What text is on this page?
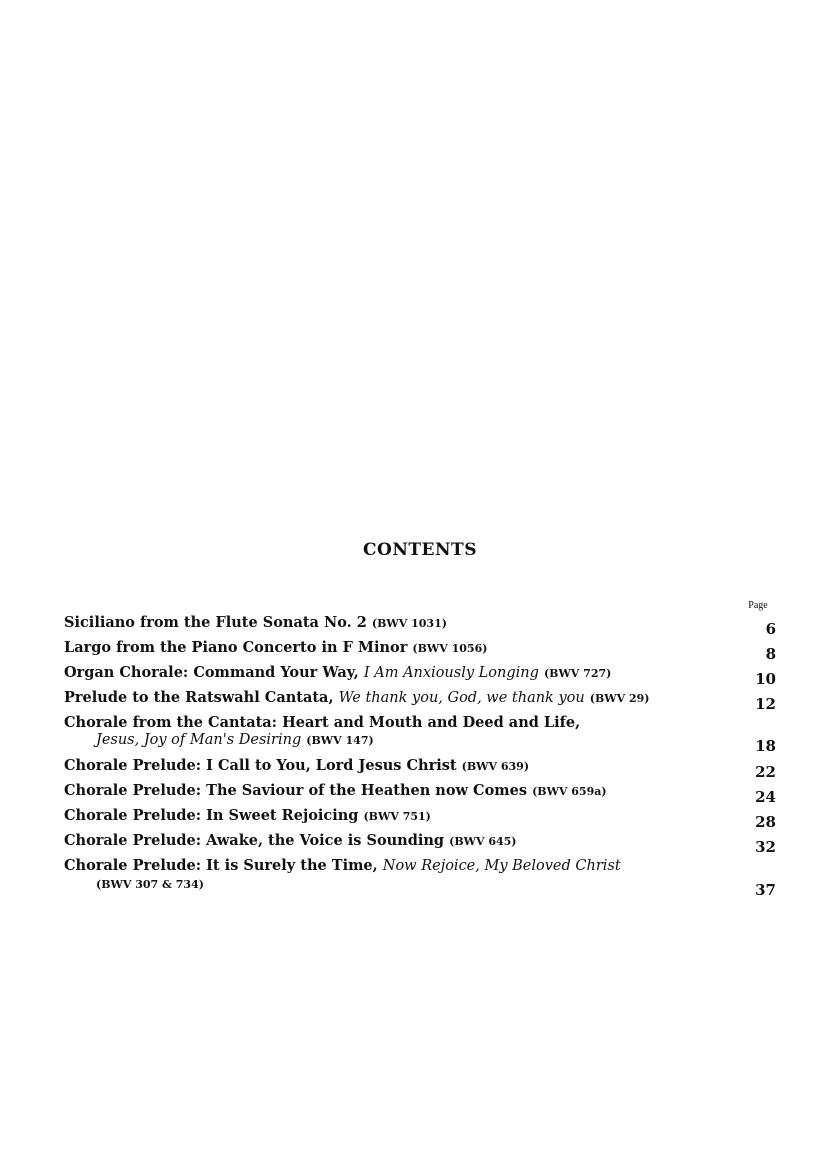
CONTENTS
Page
Siciliano from the Flute Sonata No. 2 (BWV 1031)	6
Largo from the Piano Concerto in F Minor (BWV 1056)	8
Organ Chorale: Command Your Way, I Am Anxiously Longing (BWV 727)	10
Prelude to the Ratswahl Cantata, We thank you, God, we thank you (BWV 29)	12
Chorale from the Cantata: Heart and Mouth and Deed and Life,
Jesus, Joy of Man's Desiring (BWV 147)	18
Chorale Prelude: I Call to You, Lord Jesus Christ (BWV 639)	22
Chorale Prelude: The Saviour of the Heathen now Comes (BWV 659a)	24
Chorale Prelude: In Sweet Rejoicing (BWV 751)	28
Chorale Prelude: Awake, the Voice is Sounding (BWV 645)	32
Chorale Prelude: It is Surely the Time, Now Rejoice, My Beloved Christ
(BWV 307 & 734)	37
